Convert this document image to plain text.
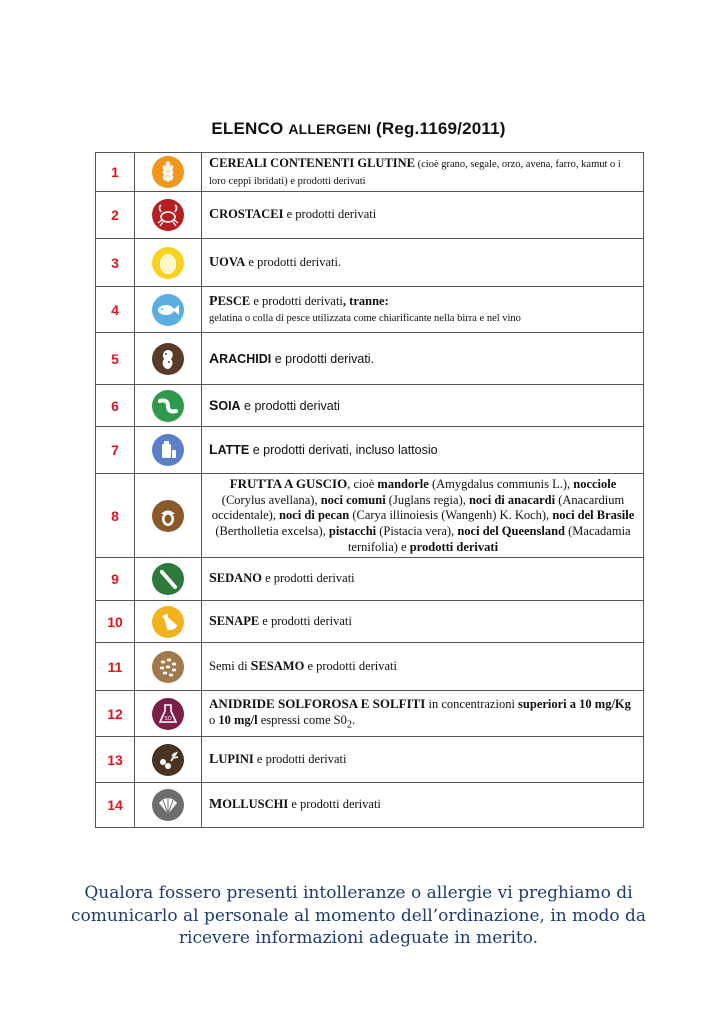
ELENCO ALLERGENI (Reg.1169/2011)
1		CEREALI CONTENENTI GLUTINE (cioè grano, segale, orzo, avena, farro, kamut o i loro ceppi ibridati) e prodotti derivati
2		CROSTACEI e prodotti derivati
3		UOVA e prodotti derivati.
4		PESCE e prodotti derivati, tranne:
gelatina o colla di pesce utilizzata come chiarificante nella birra e nel vino
5		ARACHIDI e prodotti derivati.
6		SOIA e prodotti derivati
7		LATTE e prodotti derivati, incluso lattosio
8		FRUTTA A GUSCIO, cioè mandorle (Amygdalus communis L.), nocciole (Corylus avellana), noci comuni (Juglans regia), noci di anacardi (Anacardium occidentale), noci di pecan (Carya illinoiesis (Wangenh) K. Koch), noci del Brasile (Bertholletia excelsa), pistacchi (Pistacia vera), noci del Queensland (Macadamia ternifolia) e prodotti derivati
9		SEDANO e prodotti derivati
10		SENAPE e prodotti derivati
11		Semi di SESAMO e prodotti derivati
12	SO	ANIDRIDE SOLFOROSA E SOLFITI in concentrazioni superiori a 10 mg/Kg o 10 mg/l espressi come $S0_2$.
13		LUPINI e prodotti derivati
14		MOLLUSCHI e prodotti derivati
Qualora fossero presenti intolleranze o allergie vi preghiamo di
comunicarlo al personale al momento dell’ordinazione, in modo da
ricevere informazioni adeguate in merito.
